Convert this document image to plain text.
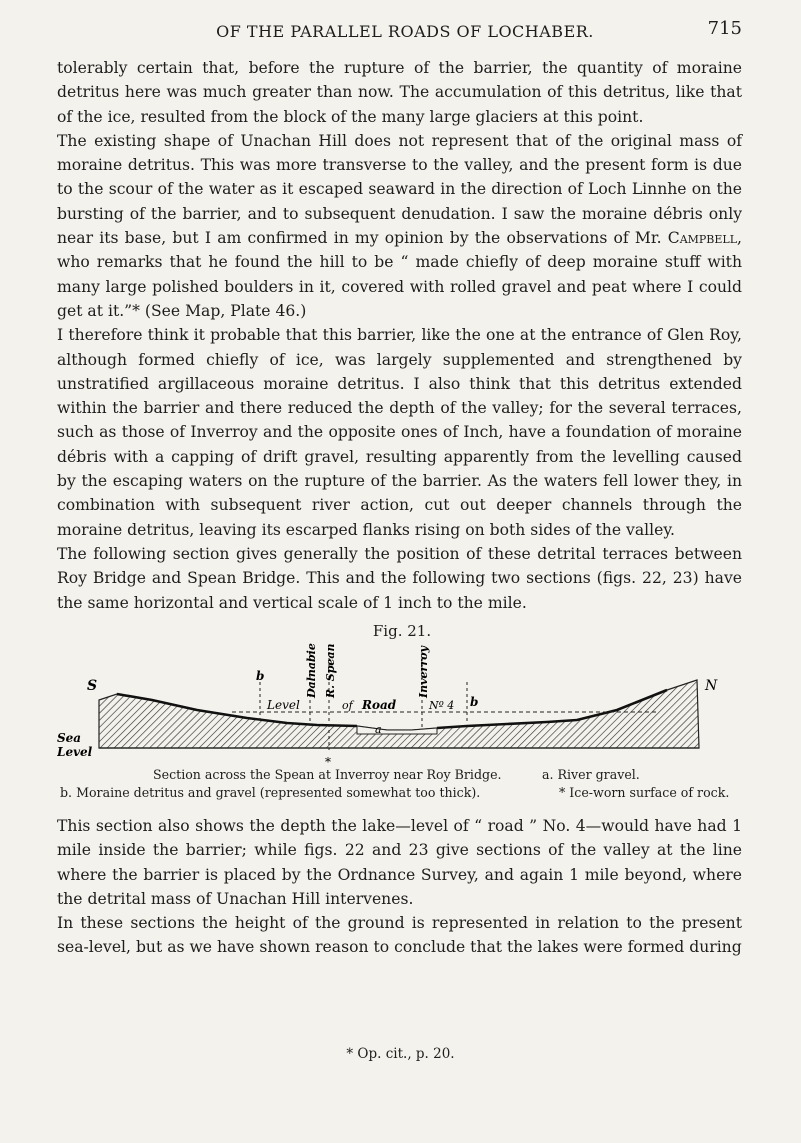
OF THE PARALLEL ROADS OF LOCHABER.	715

tolerably certain that, before the rupture of the barrier, the quantity of moraine detritus here was much greater than now. The accumulation of this detritus, like that of the ice, resulted from the block of the many large glaciers at this point.

The existing shape of Unachan Hill does not represent that of the original mass of moraine detritus. This was more transverse to the valley, and the present form is due to the scour of the water as it escaped seaward in the direction of Loch Linnhe on the bursting of the barrier, and to subsequent denudation. I saw the moraine débris only near its base, but I am confirmed in my opinion by the observations of Mr. Campbell, who remarks that he found the hill to be “ made chiefly of deep moraine stuff with many large polished boulders in it, covered with rolled gravel and peat where I could get at it.”* (See Map, Plate 46.)

I therefore think it probable that this barrier, like the one at the entrance of Glen Roy, although formed chiefly of ice, was largely supplemented and strengthened by unstratified argillaceous moraine detritus. I also think that this detritus extended within the barrier and there reduced the depth of the valley; for the several terraces, such as those of Inverroy and the opposite ones of Inch, have a foundation of moraine débris with a capping of drift gravel, resulting apparently from the levelling caused by the escaping waters on the rupture of the barrier. As the waters fell lower they, in combination with subsequent river action, cut out deeper channels through the moraine detritus, leaving its escarped flanks rising on both sides of the valley.

The following section gives generally the position of these detrital terraces between Roy Bridge and Spean Bridge. This and the following two sections (figs. 22, 23) have the same horizontal and vertical scale of 1 inch to the mile.

Fig. 21.
S	N
Sea
Level
Dalnabie R. Spean	Inverroy
b
b
Level	of Road	Nº 4
a
*
Section across the Spean at Inverroy near Roy Bridge.	a. River gravel.
b. Moraine detritus and gravel (represented somewhat too thick).	* Ice-worn surface of rock.

This section also shows the depth the lake—level of “ road ” No. 4—would have had 1 mile inside the barrier; while figs. 22 and 23 give sections of the valley at the line where the barrier is placed by the Ordnance Survey, and again 1 mile beyond, where the detrital mass of Unachan Hill intervenes.

In these sections the height of the ground is represented in relation to the present sea-level, but as we have shown reason to conclude that the lakes were formed during

* Op. cit., p. 20.
